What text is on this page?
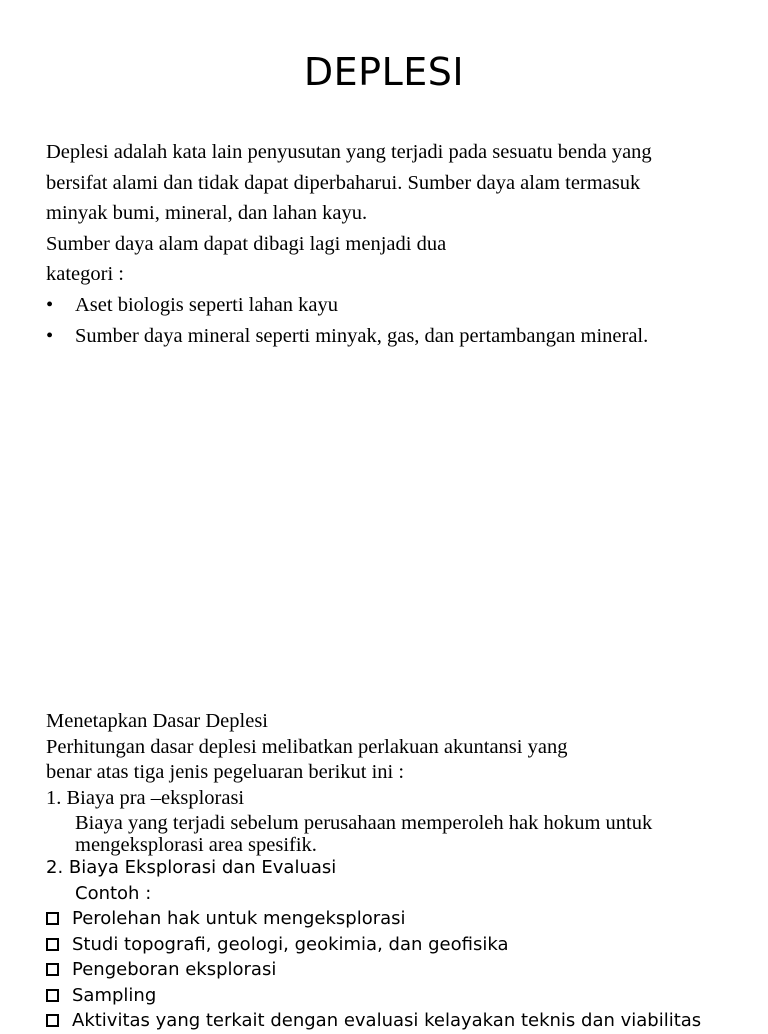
DEPLESI
Deplesi adalah kata lain penyusutan yang terjadi pada sesuatu benda yang
bersifat alami dan tidak dapat diperbaharui. Sumber daya alam termasuk
minyak bumi, mineral, dan lahan kayu.
Sumber daya alam dapat dibagi lagi menjadi dua
kategori :
•	Aset biologis seperti lahan kayu
•	Sumber daya mineral seperti minyak, gas, dan pertambangan mineral.
Menetapkan Dasar Deplesi
Perhitungan dasar deplesi melibatkan perlakuan akuntansi yang
benar atas tiga jenis pegeluaran berikut ini :
1. Biaya pra –eksplorasi
Biaya yang terjadi sebelum perusahaan memperoleh hak hokum untuk
mengeksplorasi area spesifik.
2. Biaya Eksplorasi dan Evaluasi
Contoh :
Perolehan hak untuk mengeksplorasi
Studi topografi, geologi, geokimia, dan geofisika
Pengeboran eksplorasi
Sampling
Aktivitas yang terkait dengan evaluasi kelayakan teknis dan viabilitas
